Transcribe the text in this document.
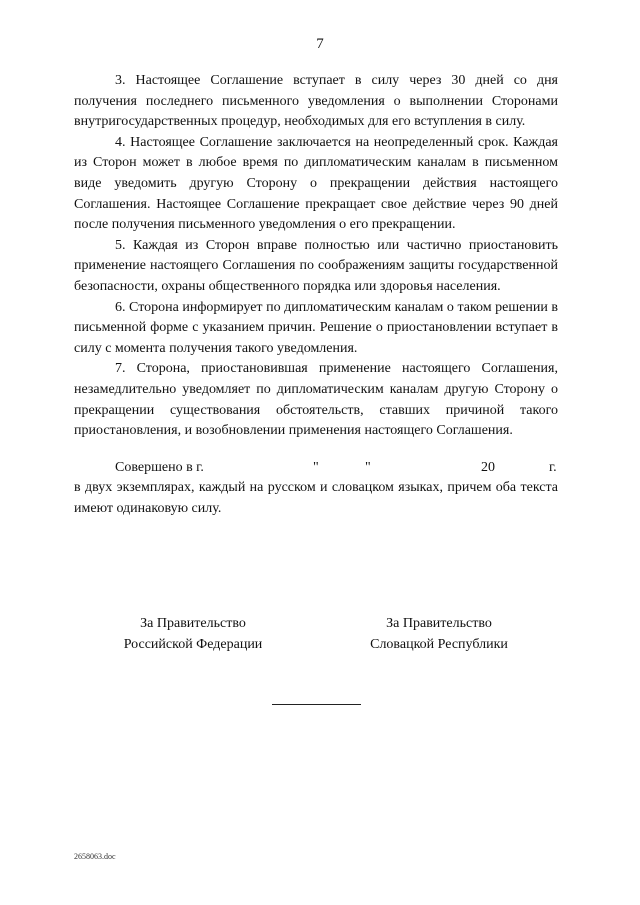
7

3. Настоящее Соглашение вступает в силу через 30 дней со дня получения последнего письменного уведомления о выполнении Сторонами внутригосударственных процедур, необходимых для его вступления в силу.

4. Настоящее Соглашение заключается на неопределенный срок. Каждая из Сторон может в любое время по дипломатическим каналам в письменном виде уведомить другую Сторону о прекращении действия настоящего Соглашения. Настоящее Соглашение прекращает свое действие через 90 дней после получения письменного уведомления о его прекращении.

5. Каждая из Сторон вправе полностью или частично приостановить применение настоящего Соглашения по соображениям защиты государственной безопасности, охраны общественного порядка или здоровья населения.

6. Сторона информирует по дипломатическим каналам о таком решении в письменной форме с указанием причин. Решение о приостановлении вступает в силу с момента получения такого уведомления.

7. Сторона, приостановившая применение настоящего Соглашения, незамедлительно уведомляет по дипломатическим каналам другую Сторону о прекращении существования обстоятельств, ставших причиной такого приостановления, и возобновлении применения настоящего Соглашения.

Совершено в г.	"	"	20	г.

в двух экземплярах, каждый на русском и словацком языках, причем оба текста имеют одинаковую силу.

За Правительство
Российской Федерации
За Правительство
Словацкой Республики
2658063.doc
